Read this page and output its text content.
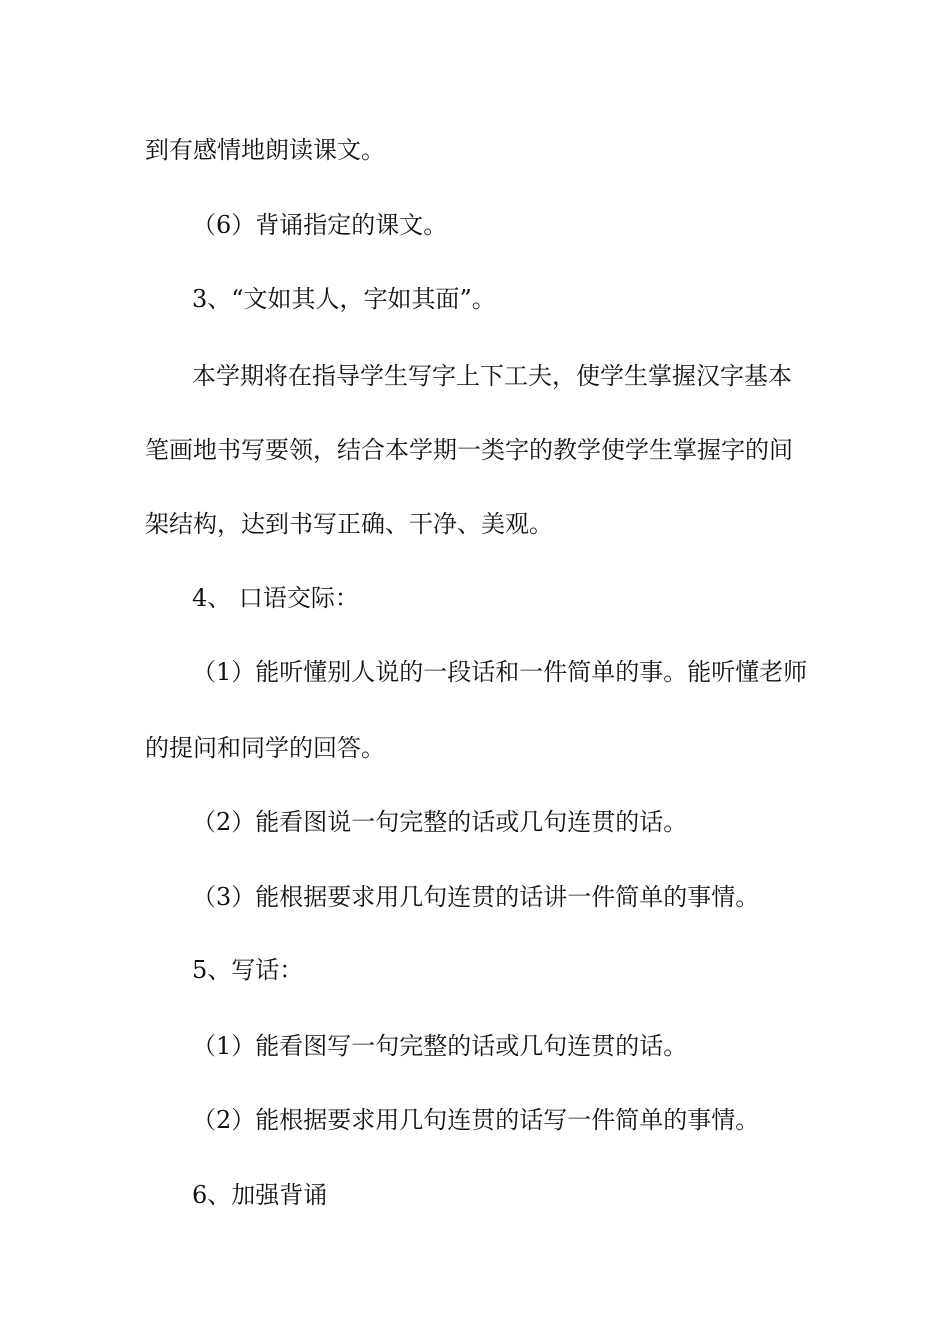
到有感情地朗读课文。

（6）背诵指定的课文。

3、“文如其人，字如其面”。

本学期将在指导学生写字上下工夫，使学生掌握汉字基本

笔画地书写要领，结合本学期一类字的教学使学生掌握字的间

架结构，达到书写正确、干净、美观。

4、 口语交际：

（1）能听懂别人说的一段话和一件简单的事。能听懂老师

的提问和同学的回答。

（2）能看图说一句完整的话或几句连贯的话。

（3）能根据要求用几句连贯的话讲一件简单的事情。

5、写话：

（1）能看图写一句完整的话或几句连贯的话。

（2）能根据要求用几句连贯的话写一件简单的事情。

6、加强背诵
